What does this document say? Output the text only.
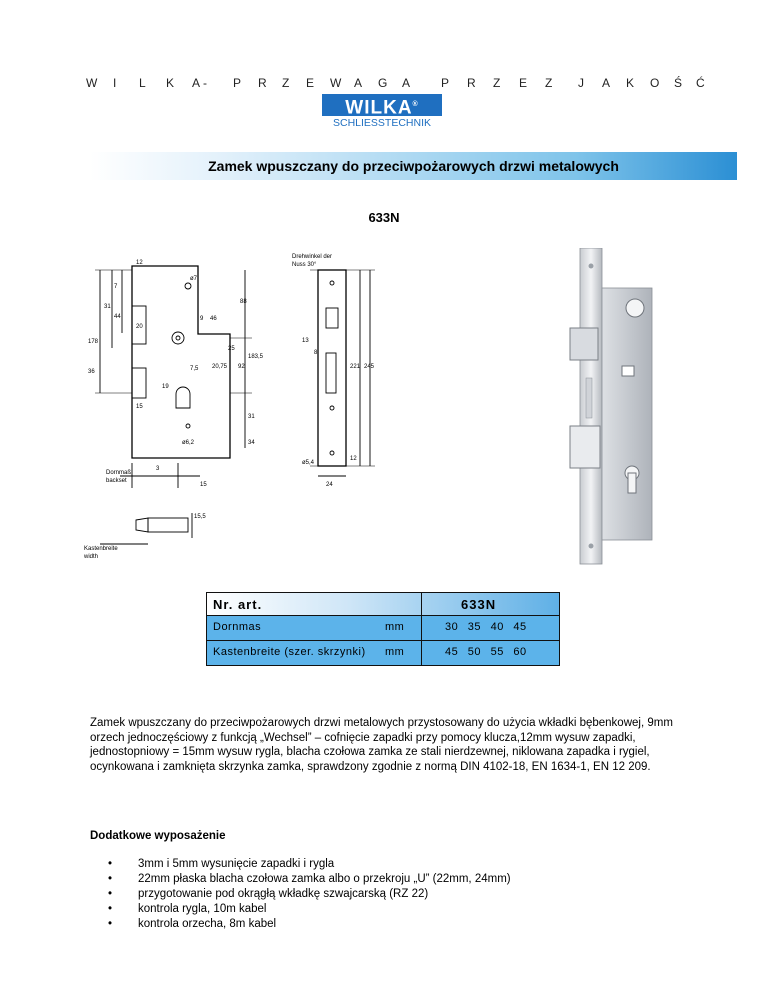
W I L K A - P R Z E W A G A	P R Z E Z J A K O Ś Ć
WILKA®
SCHLIESSTECHNIK
Zamek wpuszczany do przeciwpożarowych drzwi metalowych
633N
Drehwinkel der
Nuss 30°
ø7
ø6,2
ø5,4
Dornmaß
backset
Kastenbreite
width
12
31
7
44
178
36
20
9 46
88
7,5 20,75
25
92
183,5
19
15
31
34
3
15
13
8
221 245
24
12
15,5
Nr. art.	633N
Dornmas	mm	30 35 40 45
Kastenbreite (szer. skrzynki) mm	45 50 55 60

Zamek wpuszczany do przeciwpożarowych drzwi metalowych przystosowany do użycia wkładki bębenkowej, 9mm orzech jednoczęściowy z funkcją „Wechsel” – cofnięcie zapadki przy pomocy klucza,12mm wysuw zapadki, jednostopniowy = 15mm wysuw rygla, blacha czołowa zamka ze stali nierdzewnej, niklowana zapadka i rygiel, ocynkowana i zamknięta skrzynka zamka, sprawdzony zgodnie z normą DIN 4102-18, EN 1634-1, EN 12 209.

Dodatkowe wyposażenie
• 3mm i 5mm wysunięcie zapadki i rygla
• 22mm płaska blacha czołowa zamka albo o przekroju „U” (22mm, 24mm)
• przygotowanie pod okrągłą wkładkę szwajcarską (RZ 22)
• kontrola rygla, 10m kabel
• kontrola orzecha, 8m kabel
